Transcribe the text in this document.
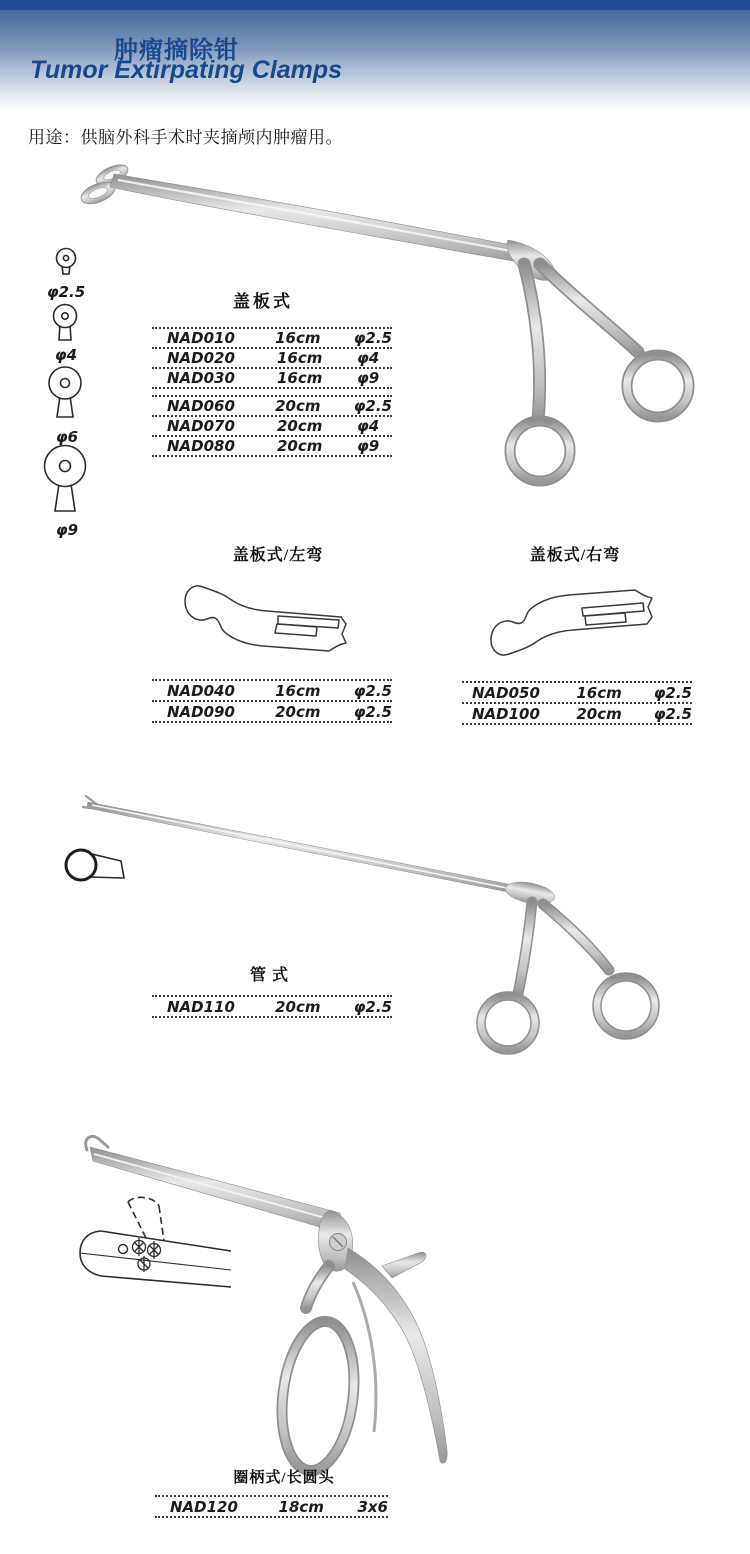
肿瘤摘除钳
Tumor Extirpating Clamps
用途：供脑外科手术时夹摘颅内肿瘤用。
φ2.5
φ4
φ6
φ9
盖板式
NAD010	16cm	φ2.5
NAD020	16cm	φ4
NAD030	16cm	φ9
NAD060	20cm	φ2.5
NAD070	20cm	φ4
NAD080	20cm	φ9
盖板式/左弯
NAD040	16cm	φ2.5
NAD090	20cm	φ2.5
盖板式/右弯
NAD050	16cm	φ2.5
NAD100	20cm	φ2.5
管式
NAD110	20cm	φ2.5
圈柄式/长圆头
NAD120	18cm	3x6
